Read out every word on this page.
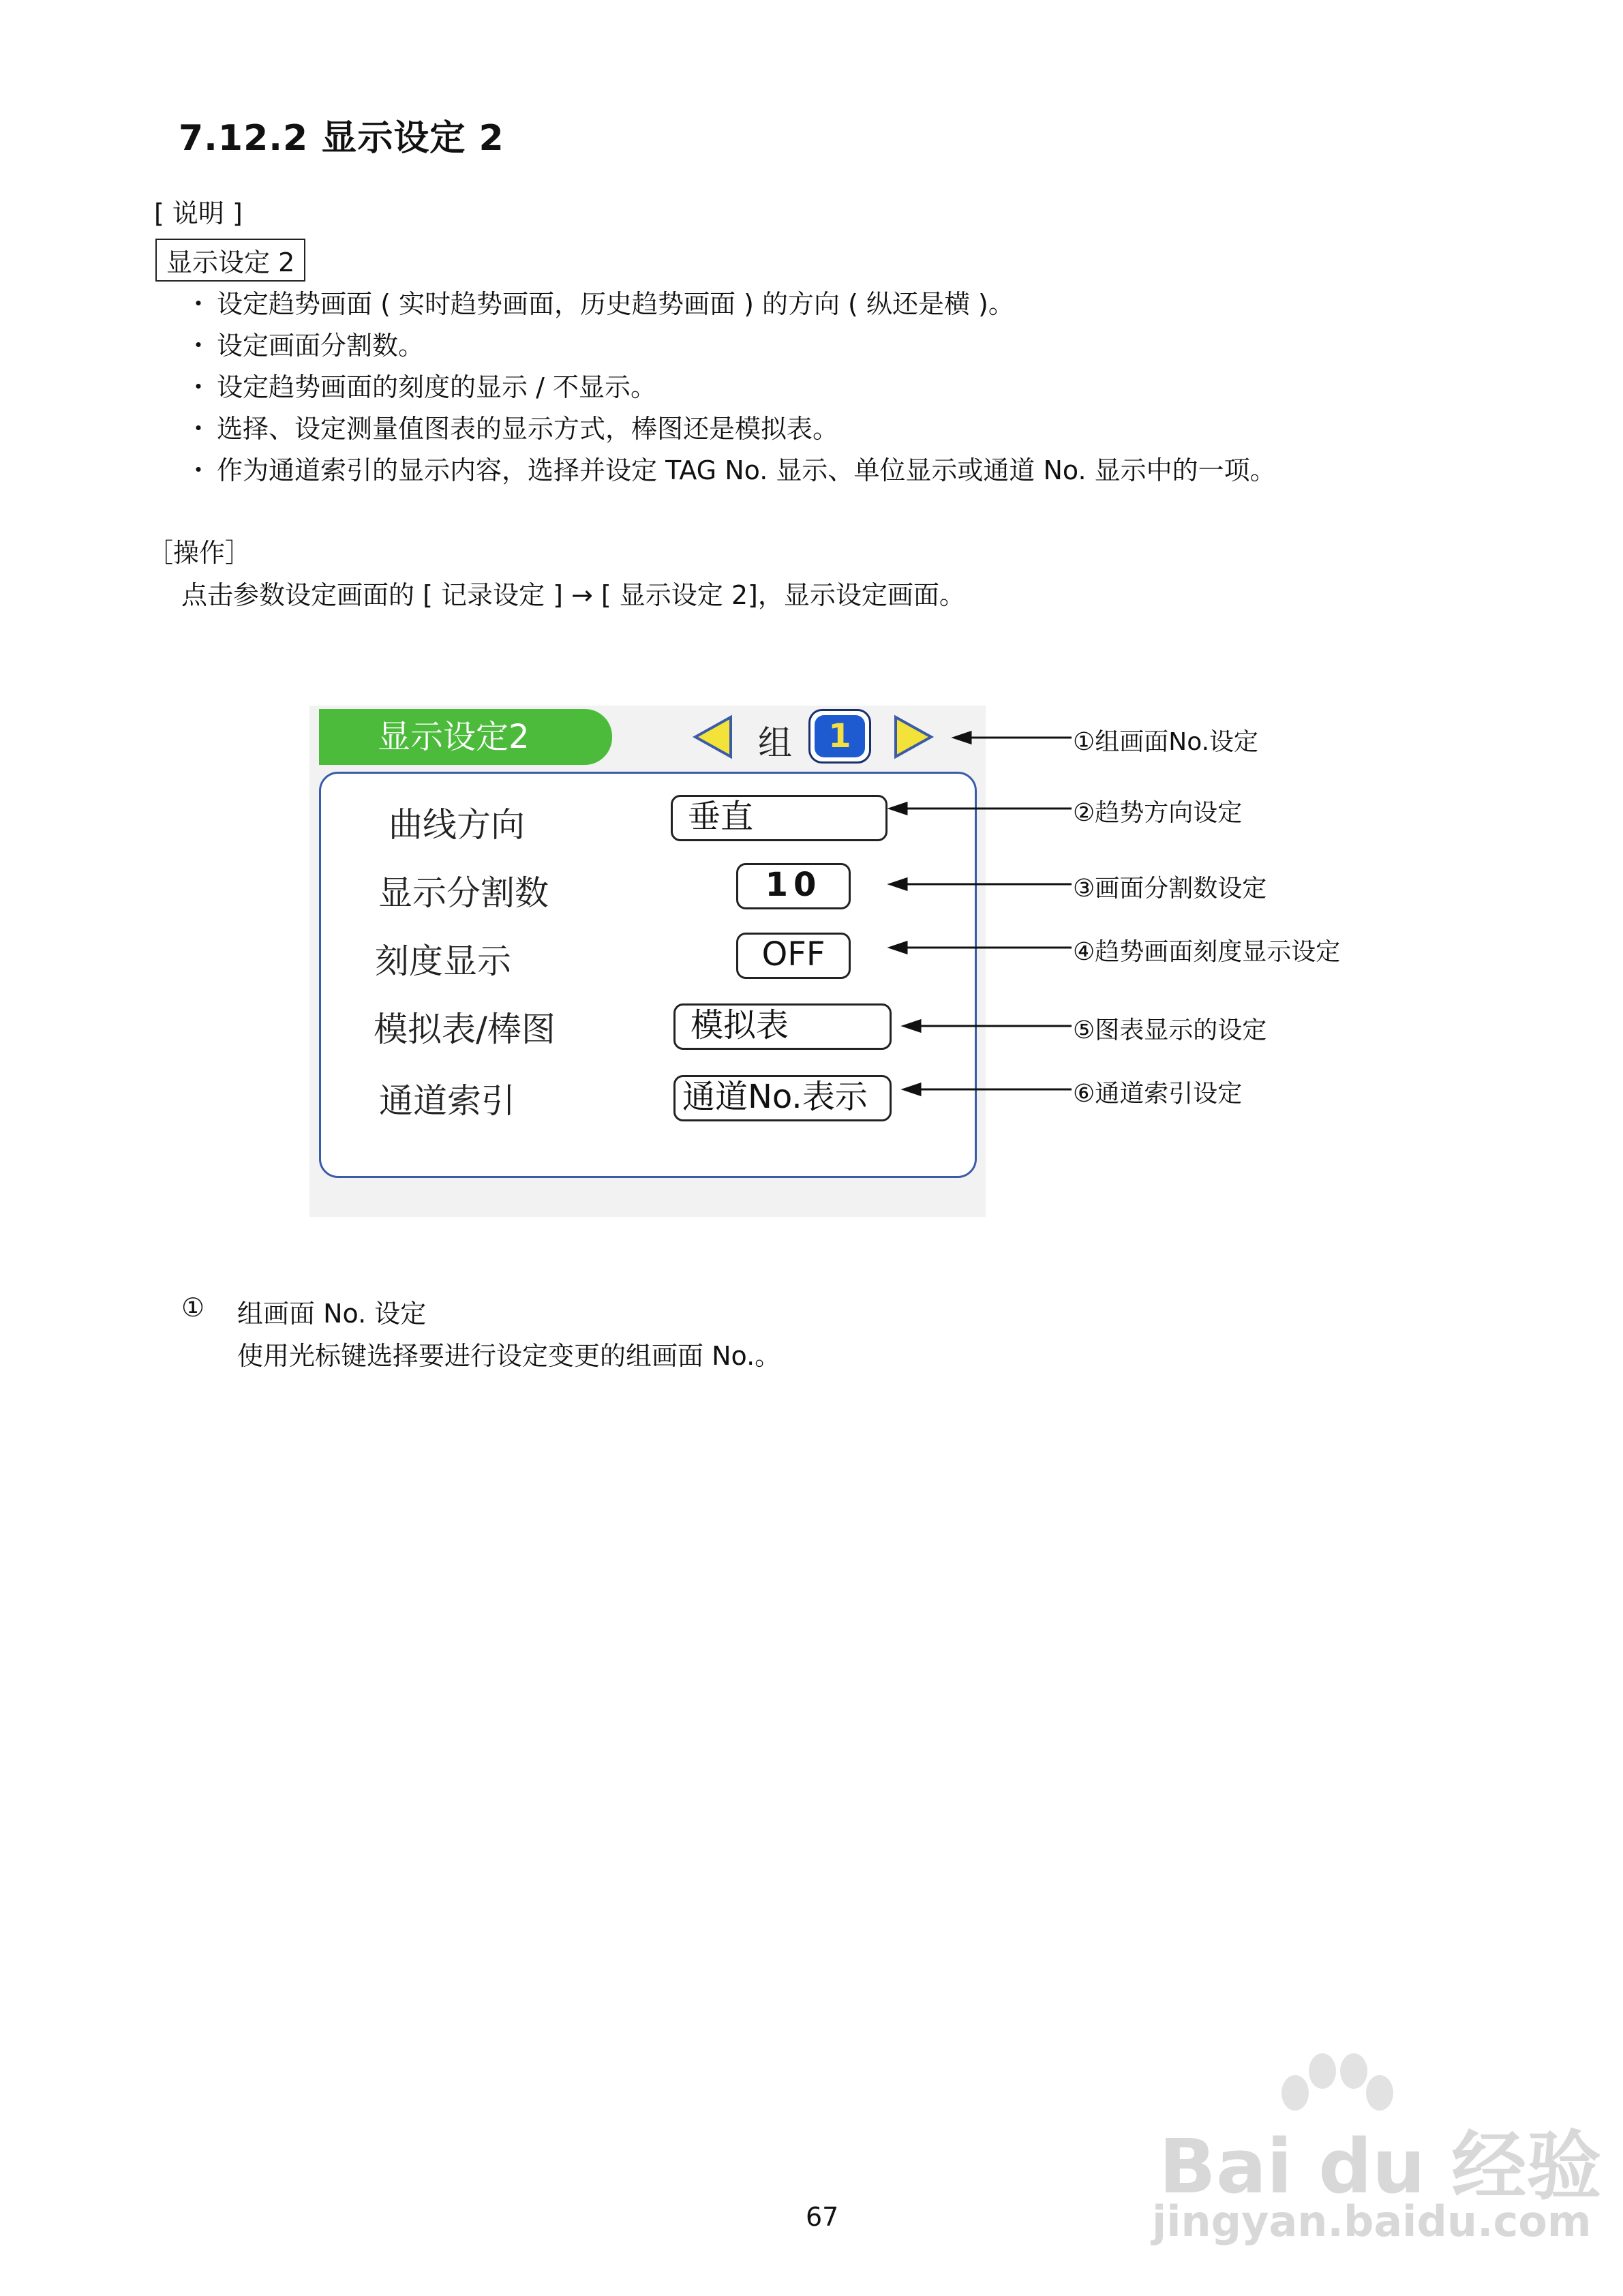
7.12.2 显示设定 2
[ 说明 ]
显示设定 2
・ 设定趋势画面 ( 实时趋势画面，历史趋势画面 ) 的方向 ( 纵还是横 )。
・ 设定画面分割数。
・ 设定趋势画面的刻度的显示 / 不显示。
・ 选择、设定测量值图表的显示方式，棒图还是模拟表。
・ 作为通道索引的显示内容，选择并设定 TAG No. 显示、单位显示或通道 No. 显示中的一项。
［操作］
点击参数设定画面的 [ 记录设定 ] → [ 显示设定 2]，显示设定画面。
显示设定2	组	1
曲线方向	垂直
显示分割数	10
刻度显示	OFF
模拟表/棒图	模拟表
通道索引	通道No.表示
①组画面No.设定
②趋势方向设定
③画面分割数设定
④趋势画面刻度显示设定
⑤图表显示的设定
⑥通道索引设定
① 组画面 No. 设定
使用光标键选择要进行设定变更的组画面 No.。
67
Bai du 经验
jingyan.baidu.com
